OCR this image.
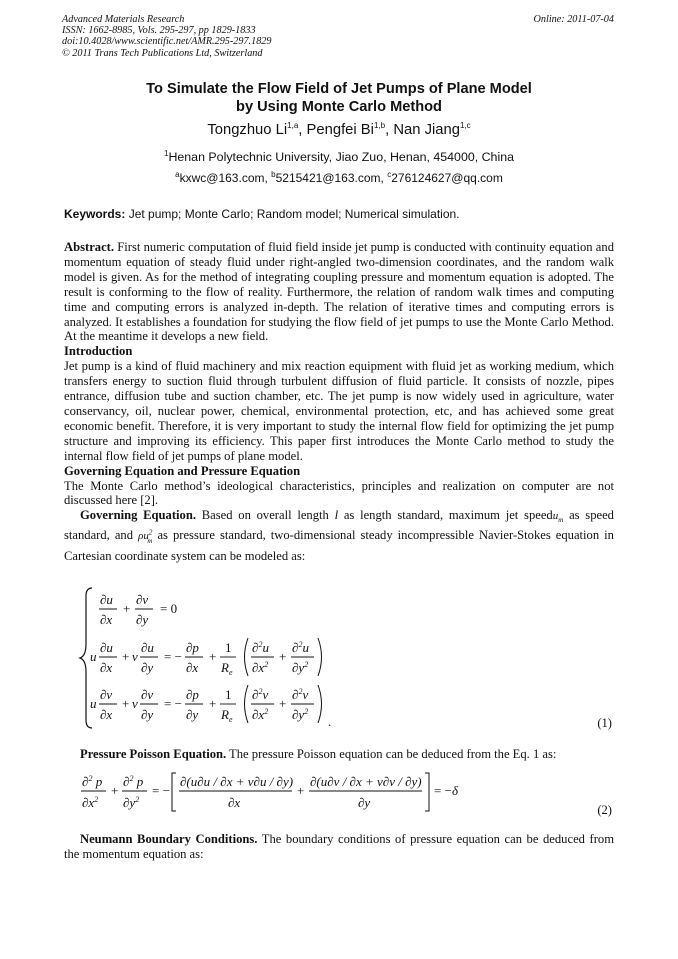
Advanced Materials Research
ISSN: 1662-8985, Vols. 295-297, pp 1829-1833
doi:10.4028/www.scientific.net/AMR.295-297.1829
© 2011 Trans Tech Publications Ltd, Switzerland
Online: 2011-07-04
To Simulate the Flow Field of Jet Pumps of Plane Model
by Using Monte Carlo Method
Tongzhuo Li$^{1,a}$, Pengfei Bi$^{1,b}$, Nan Jiang$^{1,c}$
$^1$Henan Polytechnic University, Jiao Zuo, Henan, 454000, China
$^a$kxwc@163.com, $^b$5215421@163.com, $^c$276124627@qq.com
Keywords: Jet pump; Monte Carlo; Random model; Numerical simulation.

Abstract. First numeric computation of fluid field inside jet pump is conducted with continuity equation and momentum equation of steady fluid under right-angled two-dimension coordinates, and the random walk model is given. As for the method of integrating coupling pressure and momentum equation is adopted. The result is conforming to the flow of reality. Furthermore, the relation of random walk times and computing time and computing errors is analyzed in-depth. The relation of iterative times and computing errors is analyzed. It establishes a foundation for studying the flow field of jet pumps to use the Monte Carlo Method. At the meantime it develops a new field.

Introduction

Jet pump is a kind of fluid machinery and mix reaction equipment with fluid jet as working medium, which transfers energy to suction fluid through turbulent diffusion of fluid particle. It consists of nozzle, pipes entrance, diffusion tube and suction chamber, etc. The jet pump is now widely used in agriculture, water conservancy, oil, nuclear power, chemical, environmental protection, etc, and has achieved some great economic benefit. Therefore, it is very important to study the internal flow field for optimizing the jet pump structure and improving its efficiency. This paper first introduces the Monte Carlo method to study the internal flow field of jet pumps of plane model.

Governing Equation and Pressure Equation

The Monte Carlo method’s ideological characteristics, principles and realization on computer are not discussed here [2].

Governing Equation. Based on overall length l as length standard, maximum jet speedu$_m$ as speed standard, and $\rho u^2_m$ as pressure standard, two-dimensional steady incompressible Navier-Stokes equation in Cartesian coordinate system can be modeled as:

∂u
∂x
+
∂v
∂y
= 0
u
∂u
∂x
+ v
∂u
∂y
= −
∂p
∂x
+
1
$R_e$
∂$^2$u
$\partial x^2$
+
∂$^2$u
$\partial y^2$
u
∂v
∂x
+ v
∂v
∂y
= −
∂p
∂y
+
1
$R_e$
∂$^2$v
$\partial x^2$
+
∂$^2$v
$\partial y^2$
.	(1)

Pressure Poisson Equation. The pressure Poisson equation can be deduced from the Eq. 1 as:

∂$^2$ p
$\partial x^2$
+
∂$^2$ p
$\partial y^2$
= −
∂(u∂u / ∂x + v∂u / ∂y)
∂x
+
∂(u∂v / ∂x + v∂v / ∂y)
∂y
= − δ
(2)

Neumann Boundary Conditions. The boundary conditions of pressure equation can be deduced from the momentum equation as:
